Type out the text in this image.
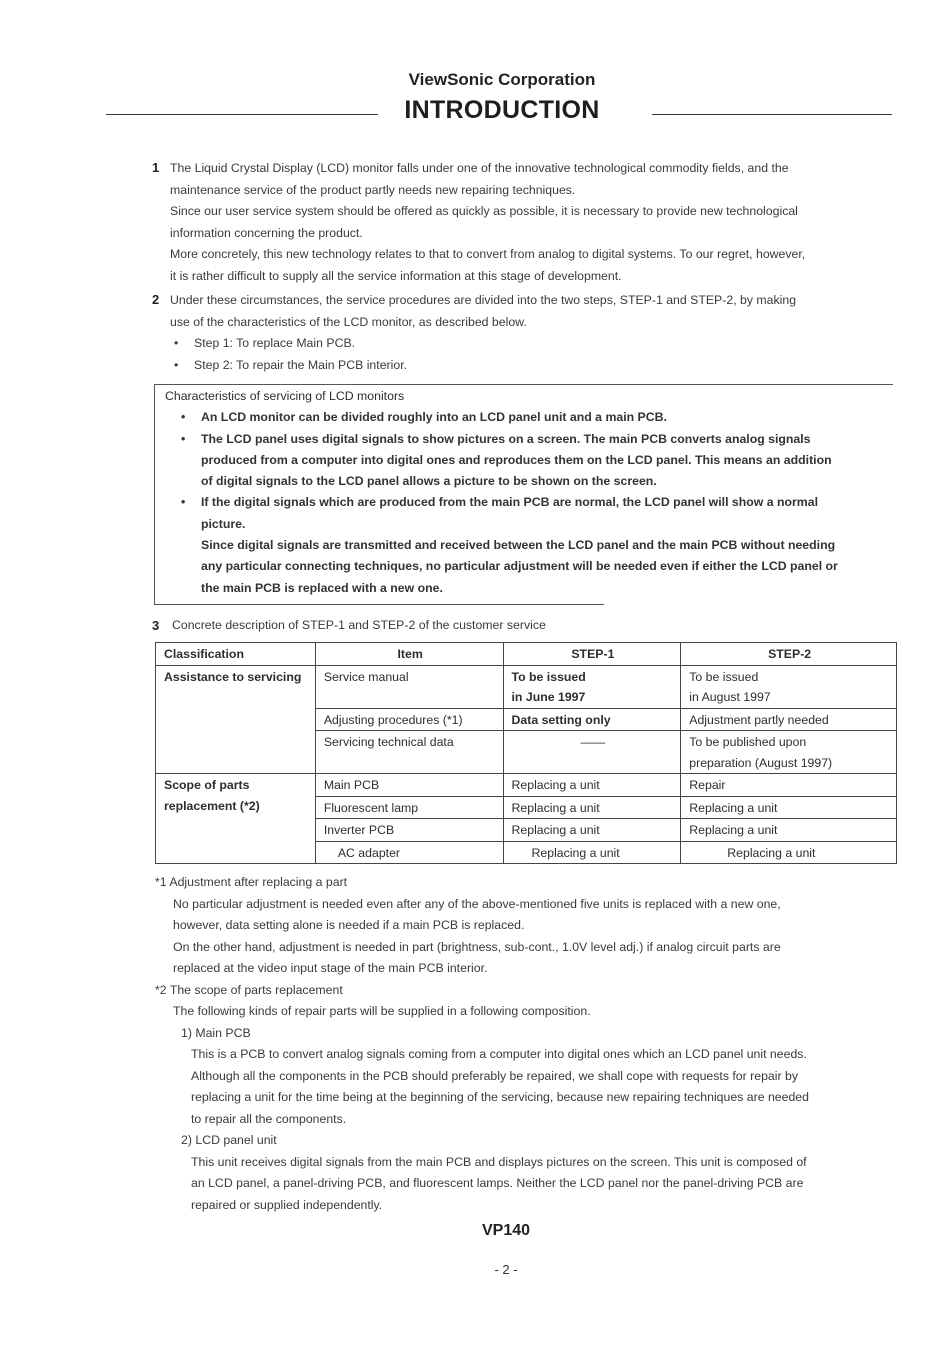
ViewSonic Corporation
INTRODUCTION
1 The Liquid Crystal Display (LCD) monitor falls under one of the innovative technological commodity fields, and the
maintenance service of the product partly needs new repairing techniques.
Since our user service system should be offered as quickly as possible, it is necessary to provide new technological
information concerning the product.
More concretely, this new technology relates to that to convert from analog to digital systems. To our regret, however,
it is rather difficult to supply all the service information at this stage of development.
2 Under these circumstances, the service procedures are divided into the two steps, STEP-1 and STEP-2, by making
use of the characteristics of the LCD monitor, as described below.
• Step 1: To replace Main PCB.
• Step 2: To repair the Main PCB interior.
Characteristics of servicing of LCD monitors
• An LCD monitor can be divided roughly into an LCD panel unit and a main PCB.
• The LCD panel uses digital signals to show pictures on a screen. The main PCB converts analog signals
produced from a computer into digital ones and reproduces them on the LCD panel. This means an addition
of digital signals to the LCD panel allows a picture to be shown on the screen.
• If the digital signals which are produced from the main PCB are normal, the LCD panel will show a normal
picture.
Since digital signals are transmitted and received between the LCD panel and the main PCB without needing
any particular connecting techniques, no particular adjustment will be needed even if either the LCD panel or
the main PCB is replaced with a new one.
3 Concrete description of STEP-1 and STEP-2 of the customer service
Classification	Item	STEP-1	STEP-2
Assistance to servicing	Service manual	To be issued
in June 1997	To be issued
in August 1997
	Adjusting procedures (*1)	Data setting only	Adjustment partly needed
	Servicing technical data	——	To be published upon
preparation (August 1997)
Scope of parts
replacement (*2)	Main PCB	Replacing a unit	Repair
	Fluorescent lamp	Replacing a unit	Replacing a unit
	Inverter PCB	Replacing a unit	Replacing a unit
	AC adapter	Replacing a unit	Replacing a unit
*1 Adjustment after replacing a part
No particular adjustment is needed even after any of the above-mentioned five units is replaced with a new one,
however, data setting alone is needed if a main PCB is replaced.
On the other hand, adjustment is needed in part (brightness, sub-cont., 1.0V level adj.) if analog circuit parts are
replaced at the video input stage of the main PCB interior.
*2 The scope of parts replacement
The following kinds of repair parts will be supplied in a following composition.
1) Main PCB
This is a PCB to convert analog signals coming from a computer into digital ones which an LCD panel unit needs.
Although all the components in the PCB should preferably be repaired, we shall cope with requests for repair by
replacing a unit for the time being at the beginning of the servicing, because new repairing techniques are needed
to repair all the components.
2) LCD panel unit
This unit receives digital signals from the main PCB and displays pictures on the screen. This unit is composed of
an LCD panel, a panel-driving PCB, and fluorescent lamps. Neither the LCD panel nor the panel-driving PCB are
repaired or supplied independently.
VP140
- 2 -
